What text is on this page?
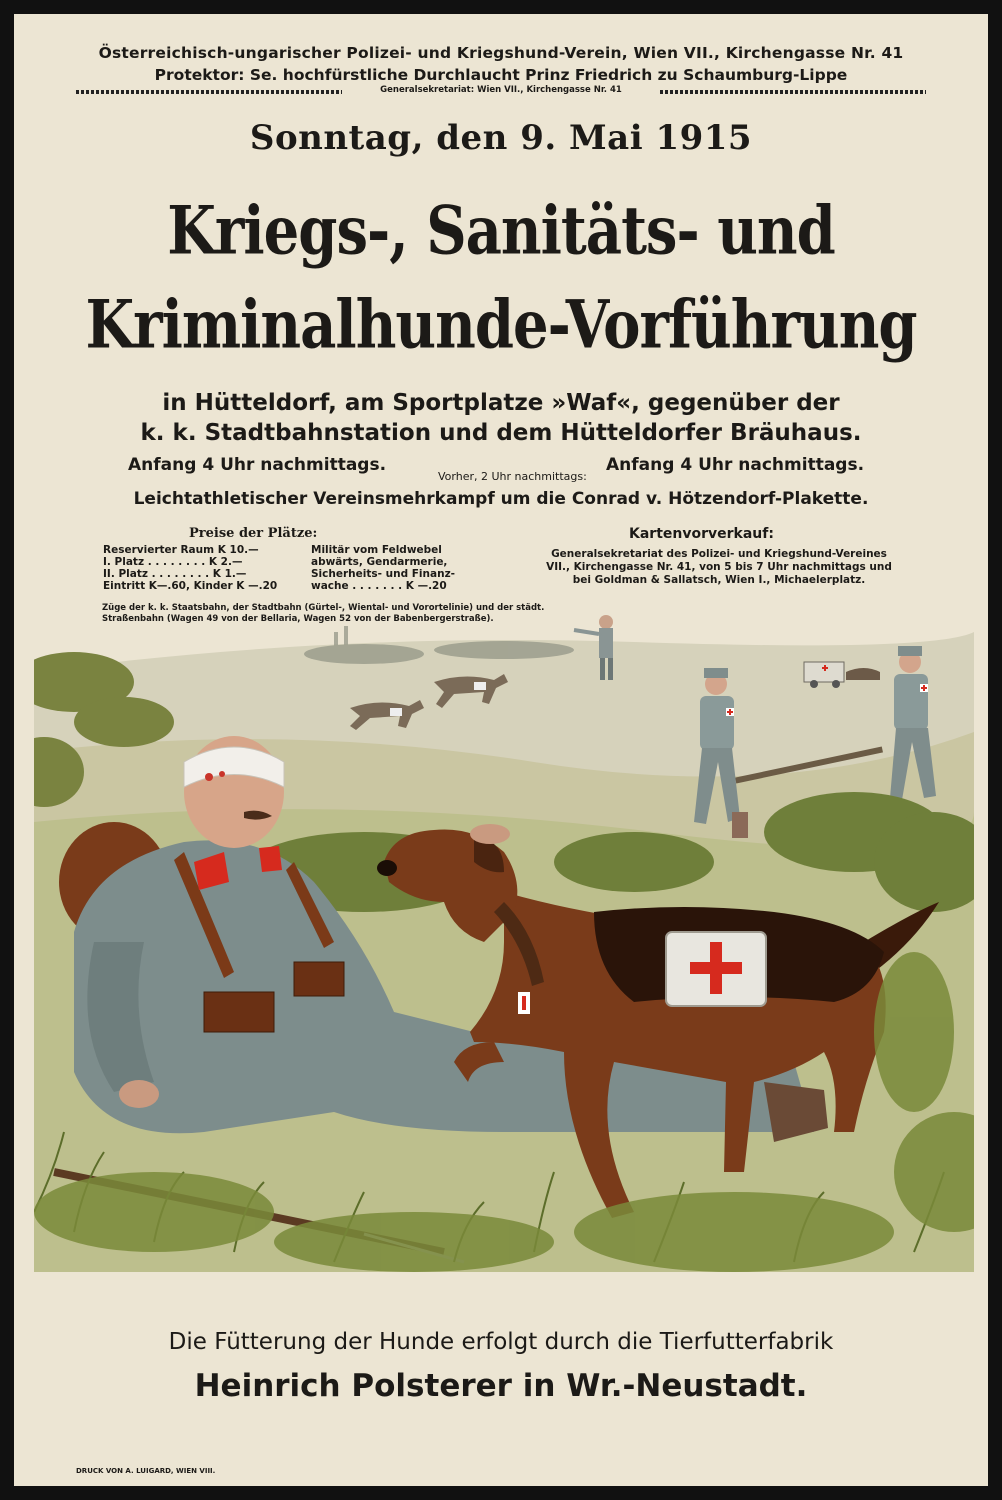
Österreichisch-ungarischer Polizei- und Kriegshund-Verein, Wien VII., Kirchengasse Nr. 41
Protektor: Se. hochfürstliche Durchlaucht Prinz Friedrich zu Schaumburg-Lippe
Generalsekretariat: Wien VII., Kirchengasse Nr. 41
Sonntag, den 9. Mai 1915
Kriegs-, Sanitäts- und
Kriminalhunde-Vorführung
in Hütteldorf, am Sportplatze »Waf«, gegenüber der
k. k. Stadtbahnstation und dem Hütteldorfer Bräuhaus.
Anfang 4 Uhr nachmittags.
Vorher, 2 Uhr nachmittags:
Anfang 4 Uhr nachmittags.
Leichtathletischer Vereinsmehrkampf um die Conrad v. Hötzendorf-Plakette.
Preise der Plätze:
Reservierter Raum K 10.—
I. Platz . . . . . . . . K 2.—
II. Platz . . . . . . . . K 1.—
Eintritt K—.60, Kinder K —.20
Militär vom Feldwebel
abwärts, Gendarmerie,
Sicherheits- und Finanz-
wache . . . . . . . K —.20
Kartenvorverkauf:
Generalsekretariat des Polizei- und Kriegshund-Vereines
VII., Kirchengasse Nr. 41, von 5 bis 7 Uhr nachmittags und
bei Goldman & Sallatsch, Wien I., Michaelerplatz.
Züge der k. k. Staatsbahn, der Stadtbahn (Gürtel-, Wiental- und Vorortelinie) und der städt.
Straßenbahn (Wagen 49 von der Bellaria, Wagen 52 von der Babenbergerstraße).
Die Fütterung der Hunde erfolgt durch die Tierfutterfabrik
Heinrich Polsterer in Wr.-Neustadt.
DRUCK VON A. LUIGARD, WIEN VIII.
